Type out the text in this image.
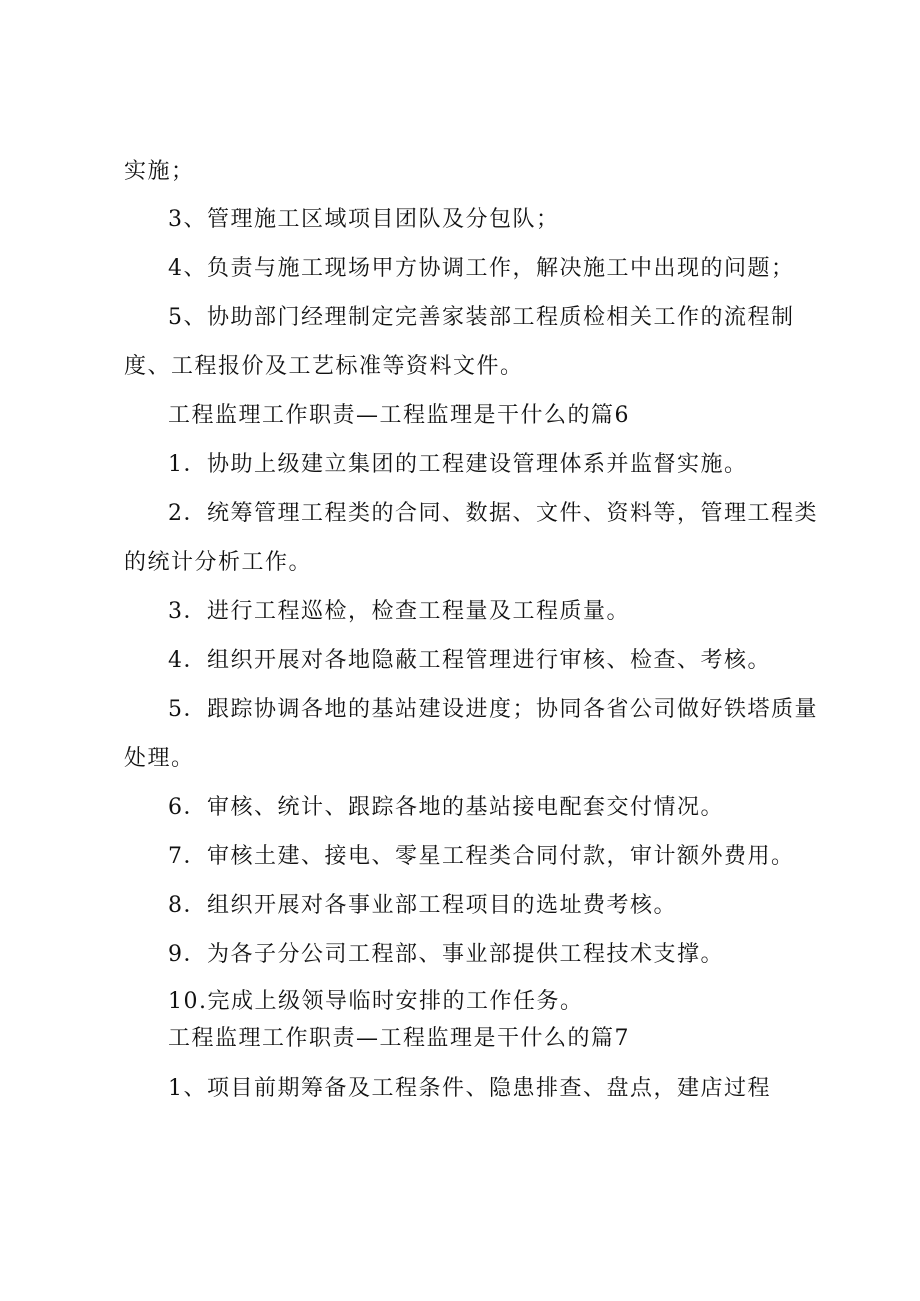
实施；
3、管理施工区域项目团队及分包队；
4、负责与施工现场甲方协调工作，解决施工中出现的问题；
5、协助部门经理制定完善家装部工程质检相关工作的流程制
度、工程报价及工艺标准等资料文件。
工程监理工作职责—工程监理是干什么的篇6
1．协助上级建立集团的工程建设管理体系并监督实施。
2．统筹管理工程类的合同、数据、文件、资料等，管理工程类
的统计分析工作。
3．进行工程巡检，检查工程量及工程质量。
4．组织开展对各地隐蔽工程管理进行审核、检查、考核。
5．跟踪协调各地的基站建设进度；协同各省公司做好铁塔质量
处理。
6．审核、统计、跟踪各地的基站接电配套交付情况。
7．审核土建、接电、零星工程类合同付款，审计额外费用。
8．组织开展对各事业部工程项目的选址费考核。
9．为各子分公司工程部、事业部提供工程技术支撑。
10.完成上级领导临时安排的工作任务。
工程监理工作职责—工程监理是干什么的篇7
1、项目前期筹备及工程条件、隐患排查、盘点，建店过程
